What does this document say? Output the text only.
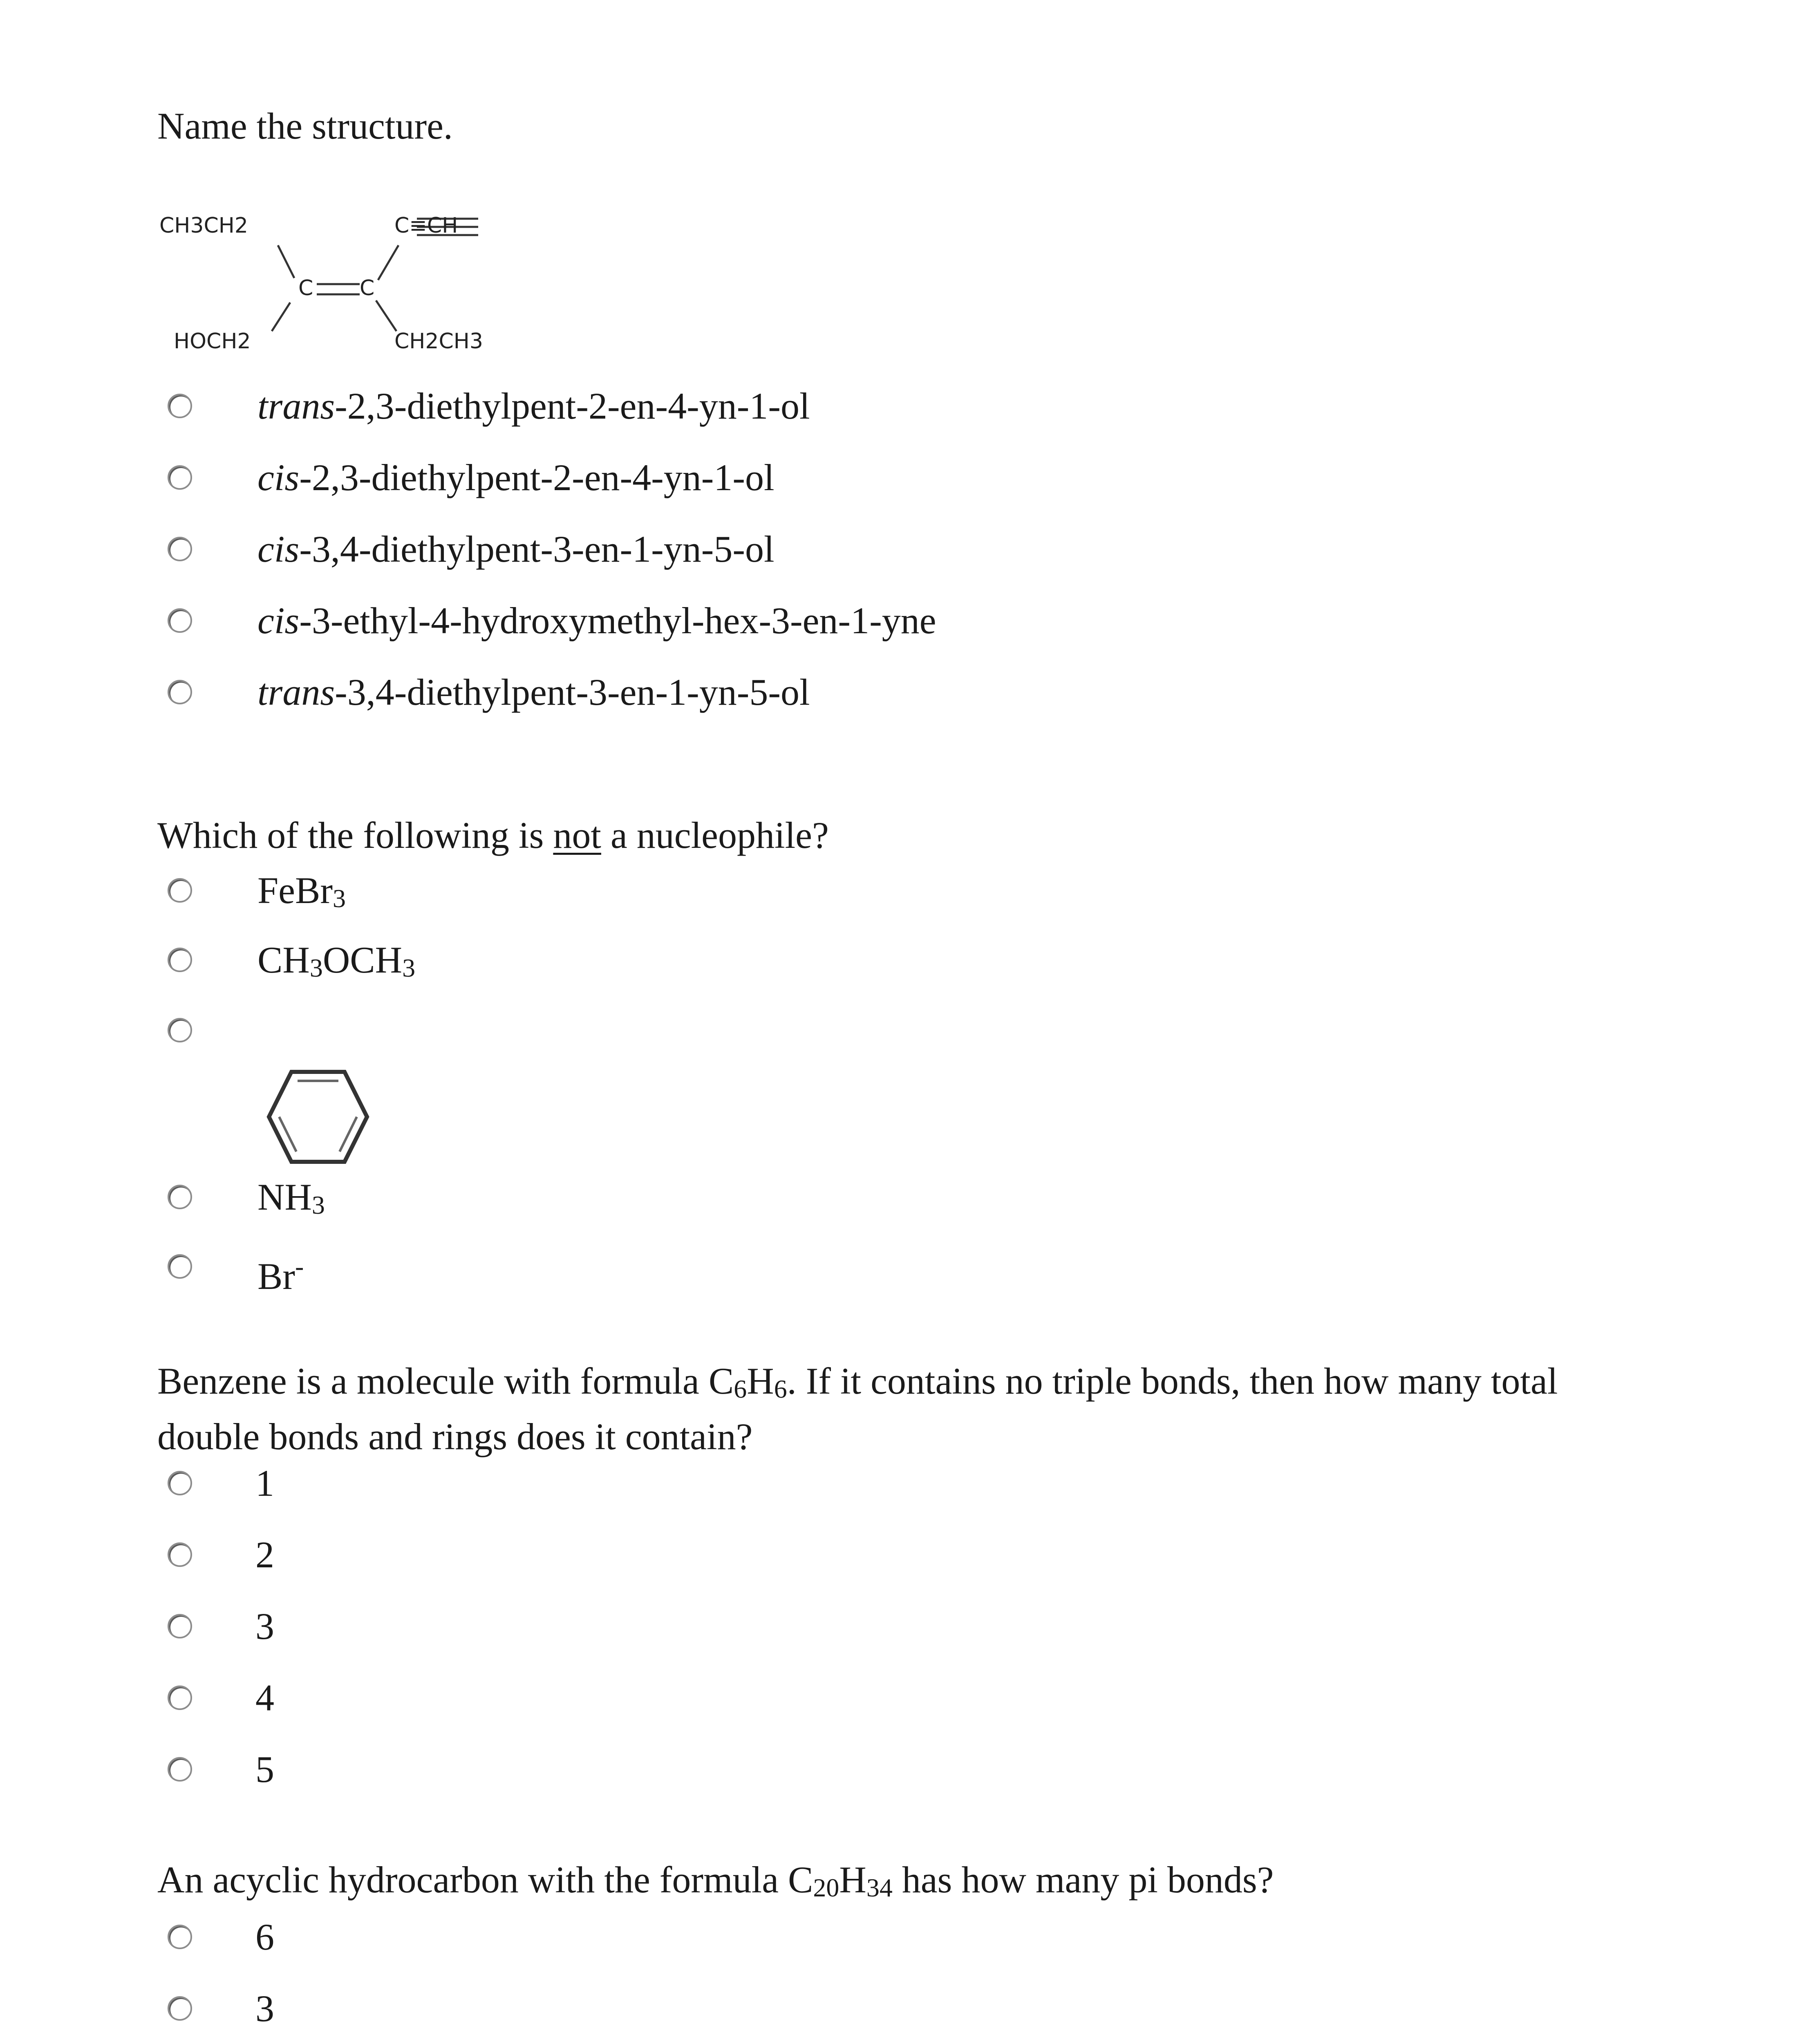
Name the structure.
CH3CH2	C≡CH
C C
HOCH2	CH2CH3
trans-2,3-diethylpent-2-en-4-yn-1-ol
cis-2,3-diethylpent-2-en-4-yn-1-ol
cis-3,4-diethylpent-3-en-1-yn-5-ol
cis-3-ethyl-4-hydroxymethyl-hex-3-en-1-yne
trans-3,4-diethylpent-3-en-1-yn-5-ol
Which of the following is not a nucleophile?
FeBr3
CH3OCH3
NH3
Br-
Benzene is a molecule with formula C6H6. If it contains no triple bonds, then how many total
double bonds and rings does it contain?
1
2
3
4
5
An acyclic hydrocarbon with the formula C20H34 has how many pi bonds?
6
3
